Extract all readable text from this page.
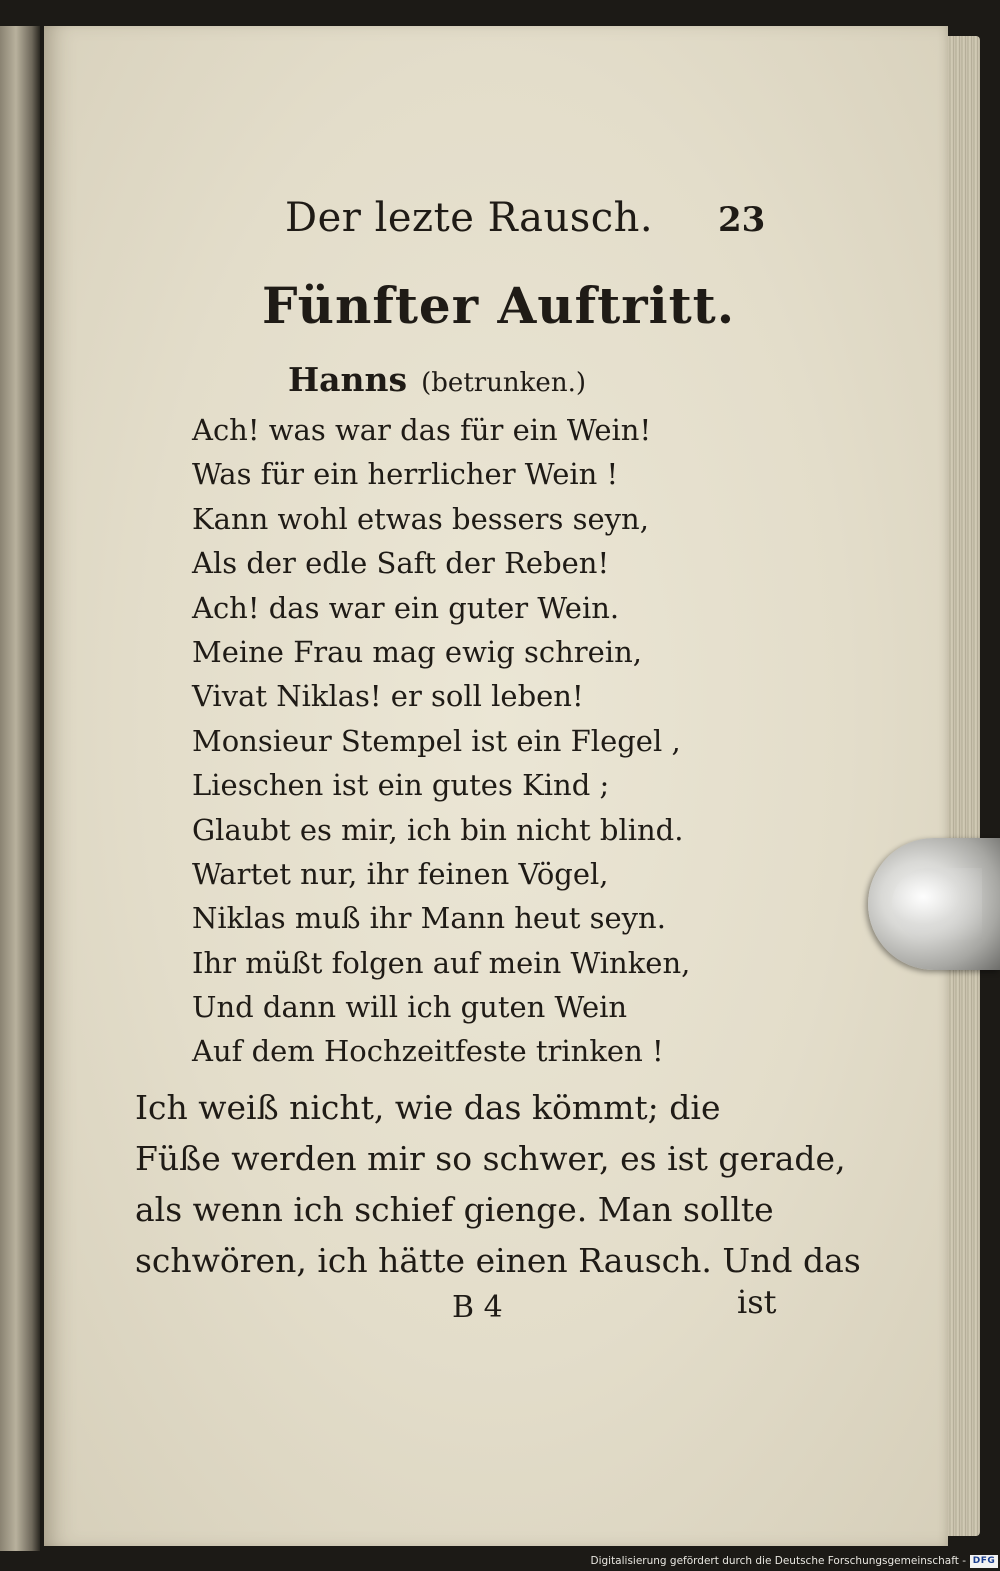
Der lezte Rausch. 23
Fünfter Auftritt.
Hanns (betrunken.)
Ach! was war das für ein Wein!
Was für ein herrlicher Wein !
Kann wohl etwas bessers seyn,
Als der edle Saft der Reben!
Ach! das war ein guter Wein.
Meine Frau mag ewig schrein,
Vivat Niklas! er soll leben!
Monsieur Stempel ist ein Flegel ,
Lieschen ist ein gutes Kind ;
Glaubt es mir, ich bin nicht blind.
Wartet nur, ihr feinen Vögel,
Niklas muß ihr Mann heut seyn.
Ihr müßt folgen auf mein Winken,
Und dann will ich guten Wein
Auf dem Hochzeitfeste trinken !
Ich weiß nicht, wie das kömmt; die
Füße werden mir so schwer, es ist gerade,
als wenn ich schief gienge. Man sollte
schwören, ich hätte einen Rausch. Und das
B 4	ist
Digitalisierung gefördert durch die Deutsche Forschungsgemeinschaft - DFG
